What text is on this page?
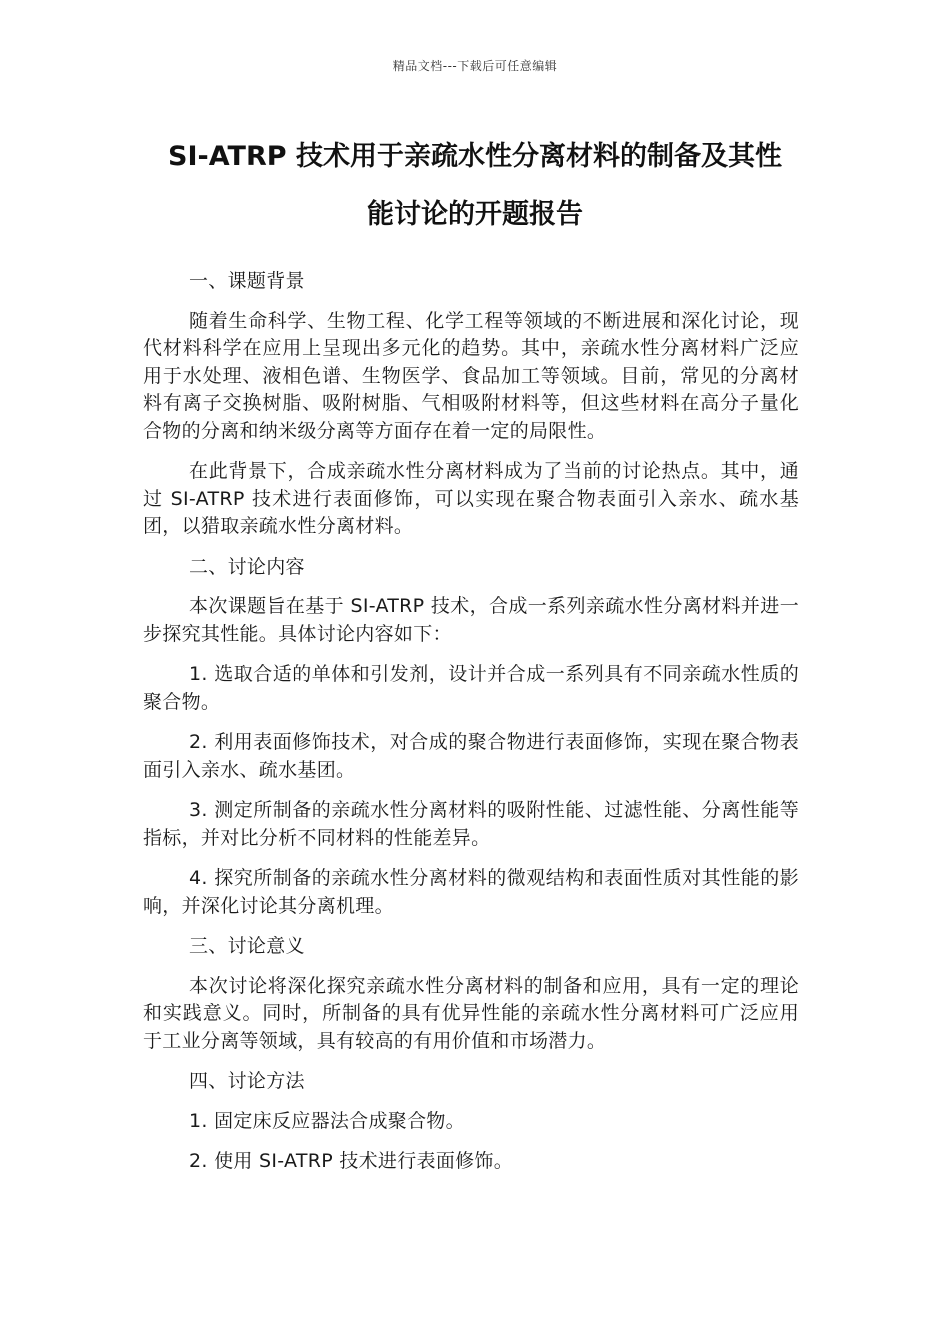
精品文档---下载后可任意编辑
SI-ATRP 技术用于亲疏水性分离材料的制备及其性
能讨论的开题报告

一、课题背景

随着生命科学、生物工程、化学工程等领域的不断进展和深化讨论，现代材料科学在应用上呈现出多元化的趋势。其中，亲疏水性分离材料广泛应用于水处理、液相色谱、生物医学、食品加工等领域。目前，常见的分离材料有离子交换树脂、吸附树脂、气相吸附材料等，但这些材料在高分子量化合物的分离和纳米级分离等方面存在着一定的局限性。

在此背景下，合成亲疏水性分离材料成为了当前的讨论热点。其中，通过 SI-ATRP 技术进行表面修饰，可以实现在聚合物表面引入亲水、疏水基团，以猎取亲疏水性分离材料。

二、讨论内容

本次课题旨在基于 SI-ATRP 技术，合成一系列亲疏水性分离材料并进一步探究其性能。具体讨论内容如下：

1. 选取合适的单体和引发剂，设计并合成一系列具有不同亲疏水性质的聚合物。

2. 利用表面修饰技术，对合成的聚合物进行表面修饰，实现在聚合物表面引入亲水、疏水基团。

3. 测定所制备的亲疏水性分离材料的吸附性能、过滤性能、分离性能等指标，并对比分析不同材料的性能差异。

4. 探究所制备的亲疏水性分离材料的微观结构和表面性质对其性能的影响，并深化讨论其分离机理。

三、讨论意义

本次讨论将深化探究亲疏水性分离材料的制备和应用，具有一定的理论和实践意义。同时，所制备的具有优异性能的亲疏水性分离材料可广泛应用于工业分离等领域，具有较高的有用价值和市场潜力。

四、讨论方法

1. 固定床反应器法合成聚合物。

2. 使用 SI-ATRP 技术进行表面修饰。
